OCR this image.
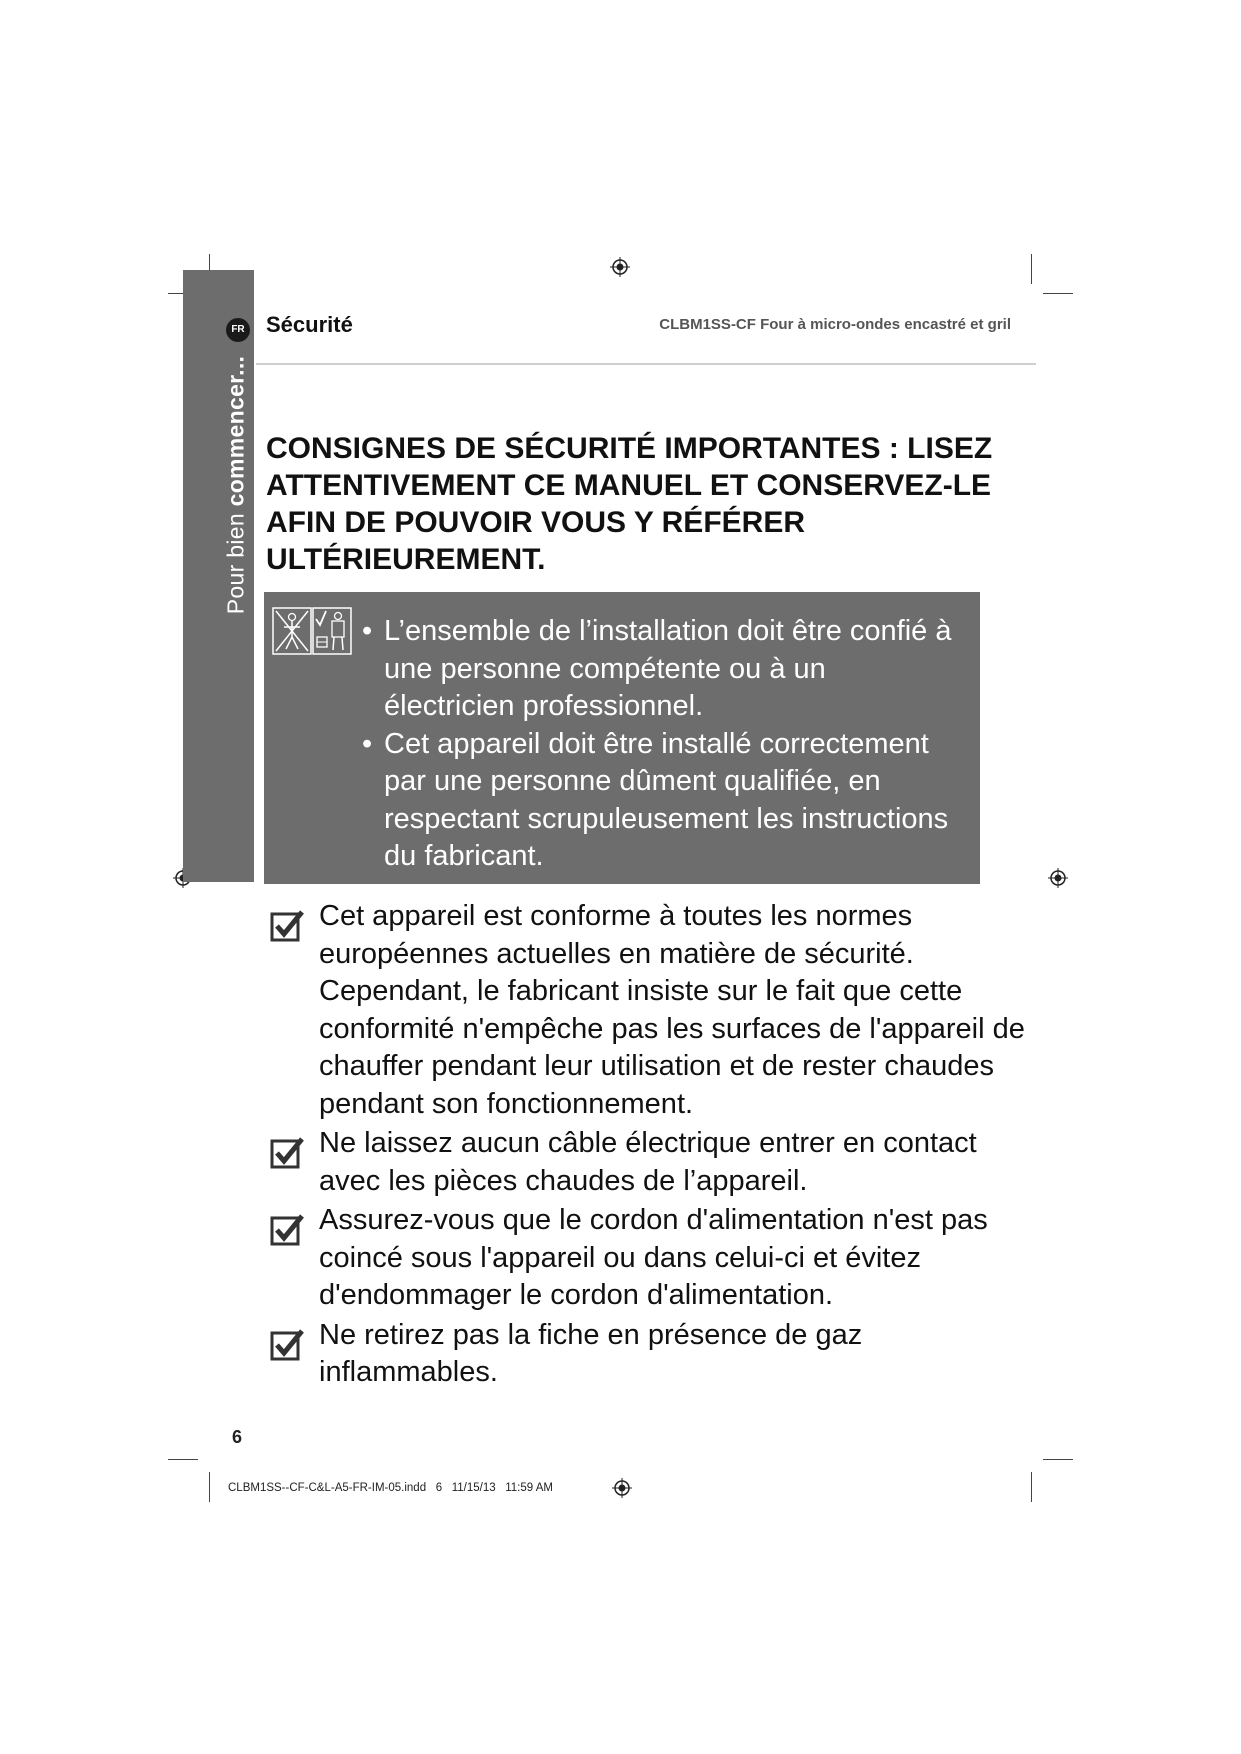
Pour bien commencer...
FR Sécurité	CLBM1SS-CF Four à micro-ondes encastré et gril
CONSIGNES DE SÉCURITÉ IMPORTANTES : LISEZ ATTENTIVEMENT CE MANUEL ET CONSERVEZ-LE AFIN DE POUVOIR VOUS Y RÉFÉRER ULTÉRIEUREMENT.
• L’ensemble de l’installation doit être confié à une personne compétente ou à un électricien professionnel.
• Cet appareil doit être installé correctement par une personne dûment qualifiée, en respectant scrupuleusement les instructions du fabricant.
Cet appareil est conforme à toutes les normes européennes actuelles en matière de sécurité. Cependant, le fabricant insiste sur le fait que cette conformité n'empêche pas les surfaces de l'appareil de chauffer pendant leur utilisation et de rester chaudes pendant son fonctionnement.
Ne laissez aucun câble électrique entrer en contact avec les pièces chaudes de l’appareil.
Assurez-vous que le cordon d'alimentation n'est pas coincé sous l'appareil ou dans celui-ci et évitez d'endommager le cordon d'alimentation.
Ne retirez pas la fiche en présence de gaz inflammables.
6
CLBM1SS--CF-C&L-A5-FR-IM-05.indd 6 11/15/13 11:59 AM
